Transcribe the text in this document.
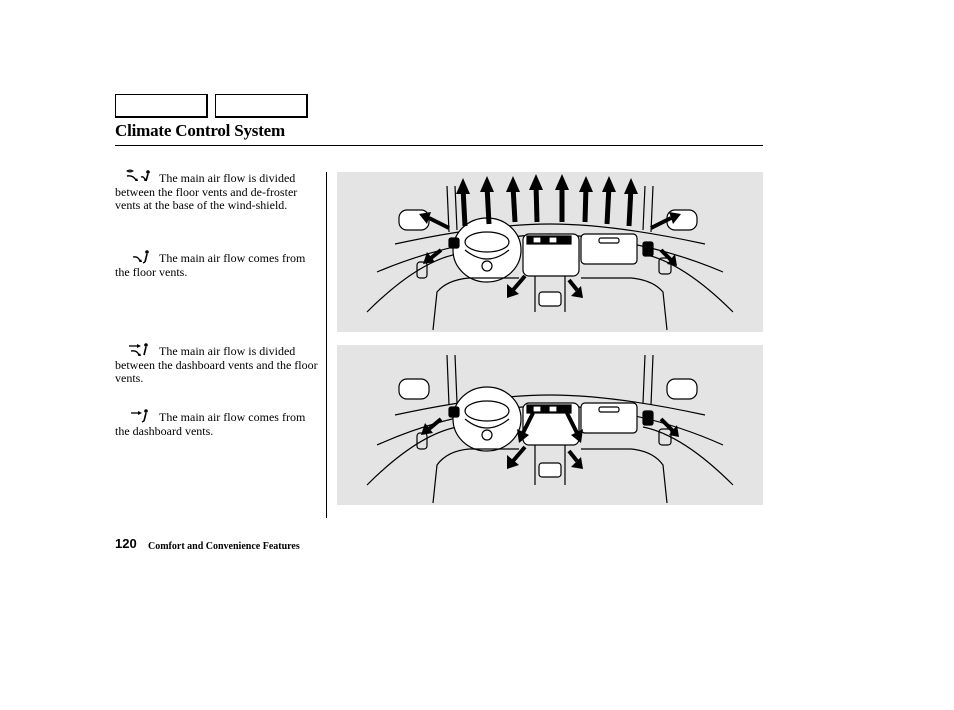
Climate Control System
The main air flow is divided between the floor vents and de-froster vents at the base of the wind-shield.
The main air flow comes from the floor vents.
The main air flow is divided between the dashboard vents and the floor vents.
The main air flow comes from the dashboard vents.
120 Comfort and Convenience Features
